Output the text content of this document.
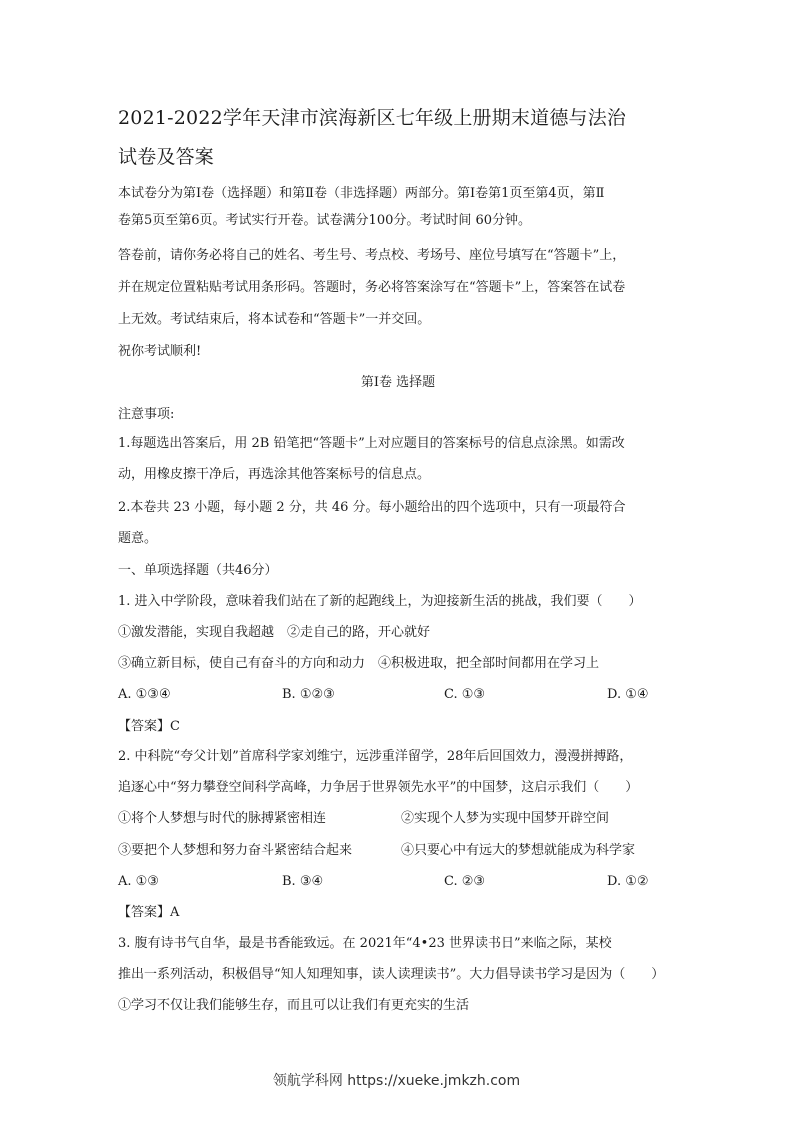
2021-2022学年天津市滨海新区七年级上册期末道德与法治
试卷及答案
本试卷分为第Ⅰ卷（选择题）和第Ⅱ卷（非选择题）两部分。第Ⅰ卷第1页至第4页，第Ⅱ
卷第5页至第6页。考试实行开卷。试卷满分100分。考试时间 60分钟。
答卷前，请你务必将自己的姓名、考生号、考点校、考场号、座位号填写在“答题卡”上，
并在规定位置粘贴考试用条形码。答题时，务必将答案涂写在“答题卡”上，答案答在试卷
上无效。考试结束后，将本试卷和“答题卡”一并交回。
祝你考试顺利!
第Ⅰ卷 选择题
注意事项:
1.每题选出答案后，用 2B 铅笔把“答题卡”上对应题目的答案标号的信息点涂黑。如需改
动，用橡皮擦干净后，再选涂其他答案标号的信息点。
2.本卷共 23 小题，每小题 2 分，共 46 分。每小题给出的四个选项中，只有一项最符合
题意。
一、单项选择题（共46分）
1. 进入中学阶段，意味着我们站在了新的起跑线上，为迎接新生活的挑战，我们要（　　）
①激发潜能，实现自我超越　②走自己的路，开心就好
③确立新目标，使自己有奋斗的方向和动力　④积极进取，把全部时间都用在学习上
A. ①③④	B. ①②③	C. ①③	D. ①④
【答案】C
2. 中科院“夸父计划”首席科学家刘维宁，远涉重洋留学，28年后回国效力，漫漫拼搏路，
追逐心中“努力攀登空间科学高峰，力争居于世界领先水平”的中国梦，这启示我们（　　）
①将个人梦想与时代的脉搏紧密相连	②实现个人梦为实现中国梦开辟空间
③要把个人梦想和努力奋斗紧密结合起来	④只要心中有远大的梦想就能成为科学家
A. ①③	B. ③④	C. ②③	D. ①②
【答案】A
3. 腹有诗书气自华，最是书香能致远。在 2021年“4•23 世界读书日”来临之际，某校
推出一系列活动，积极倡导“知人知理知事，读人读理读书”。大力倡导读书学习是因为（　　）
①学习不仅让我们能够生存，而且可以让我们有更充实的生活
领航学科网 https://xueke.jmkzh.com
